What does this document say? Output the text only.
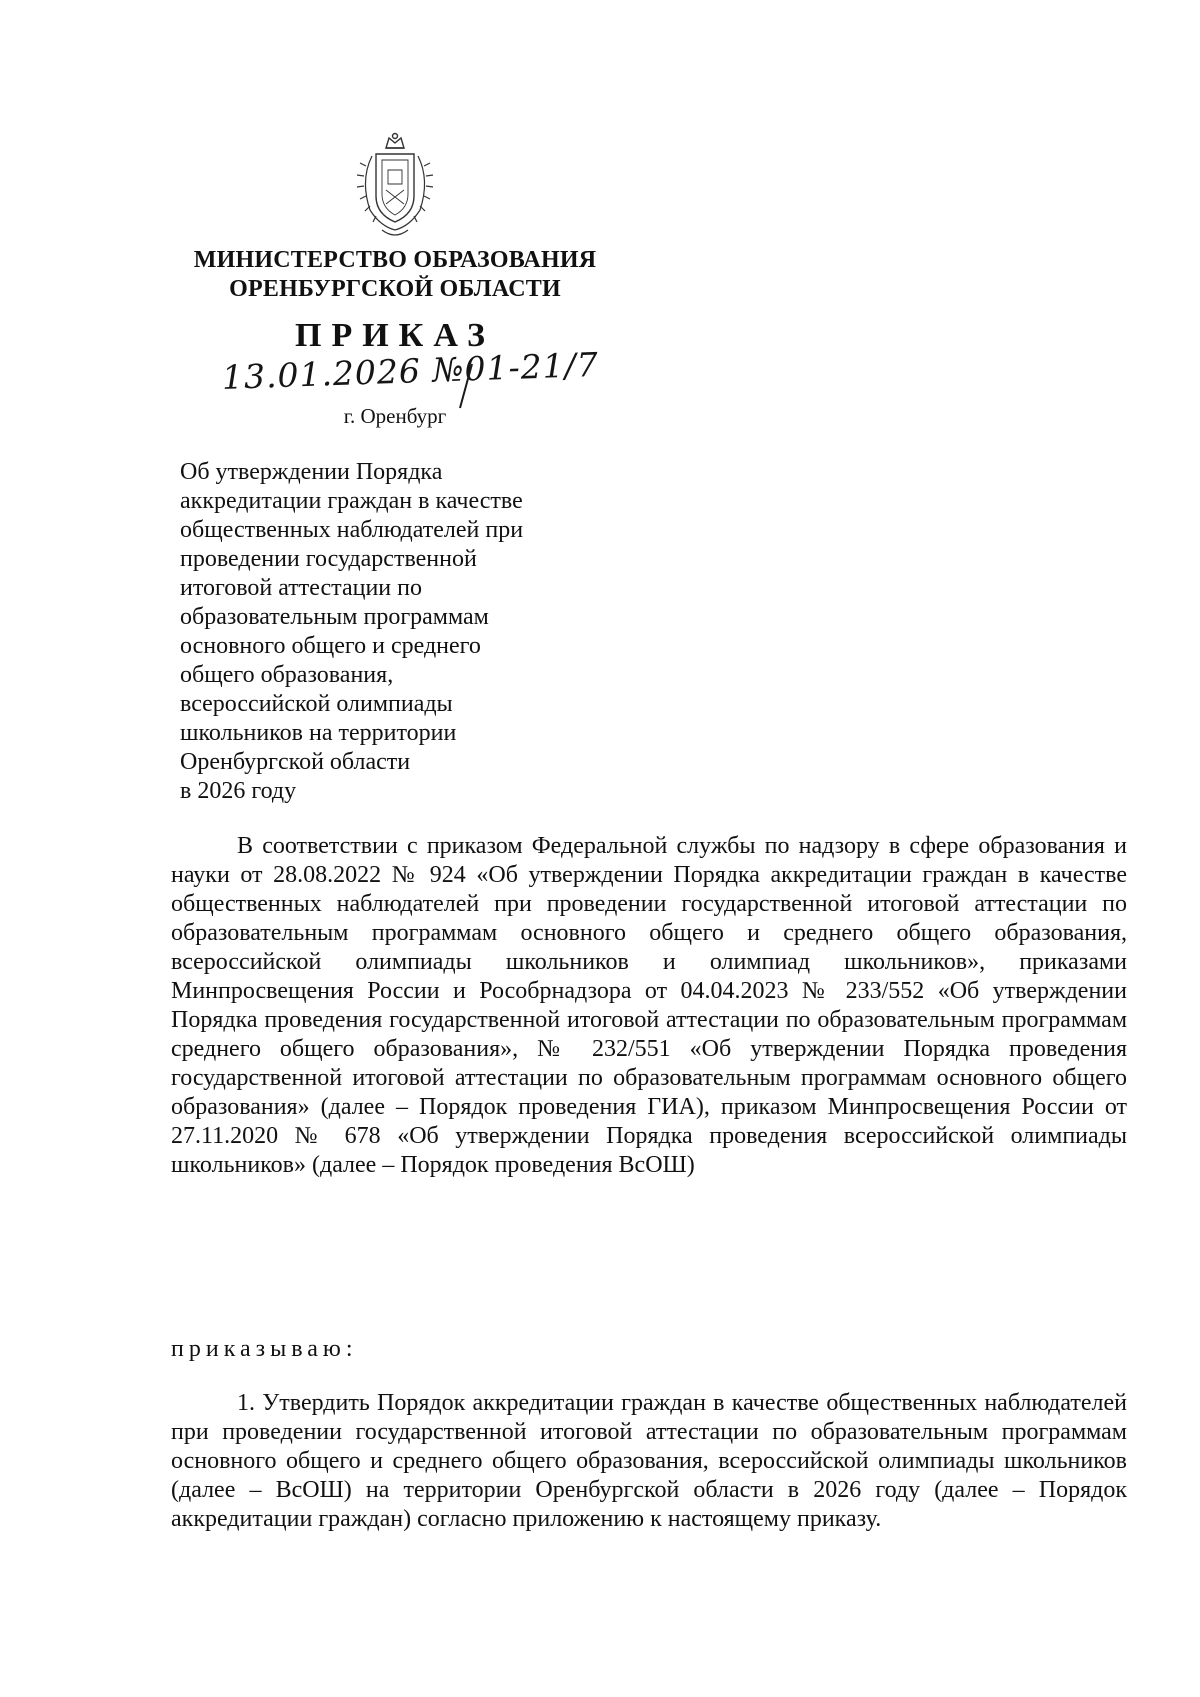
МИНИСТЕРСТВО ОБРАЗОВАНИЯ
ОРЕНБУРГСКОЙ ОБЛАСТИ
ПРИКАЗ
13.01.2026 №01-21/7
г. Оренбург
Об утверждении Порядка
аккредитации граждан в качестве
общественных наблюдателей при
проведении государственной
итоговой аттестации по
образовательным программам
основного общего и среднего
общего образования,
всероссийской олимпиады
школьников на территории
Оренбургской области
в 2026 году
В соответствии с приказом Федеральной службы по надзору в сфере образования и науки от 28.08.2022 № 924 «Об утверждении Порядка аккредитации граждан в качестве общественных наблюдателей при проведении государственной итоговой аттестации по образовательным программам основного общего и среднего общего образования, всероссийской олимпиады школьников и олимпиад школьников», приказами Минпросвещения России и Рособрнадзора от 04.04.2023 № 233/552 «Об утверждении Порядка проведения государственной итоговой аттестации по образовательным программам среднего общего образования», № 232/551 «Об утверждении Порядка проведения государственной итоговой аттестации по образовательным программам основного общего образования» (далее – Порядок проведения ГИА), приказом Минпросвещения России от 27.11.2020 № 678 «Об утверждении Порядка проведения всероссийской олимпиады школьников» (далее – Порядок проведения ВсОШ)
приказываю:
1. Утвердить Порядок аккредитации граждан в качестве общественных наблюдателей при проведении государственной итоговой аттестации по образовательным программам основного общего и среднего общего образования, всероссийской олимпиады школьников (далее – ВсОШ) на территории Оренбургской области в 2026 году (далее – Порядок аккредитации граждан) согласно приложению к настоящему приказу.
